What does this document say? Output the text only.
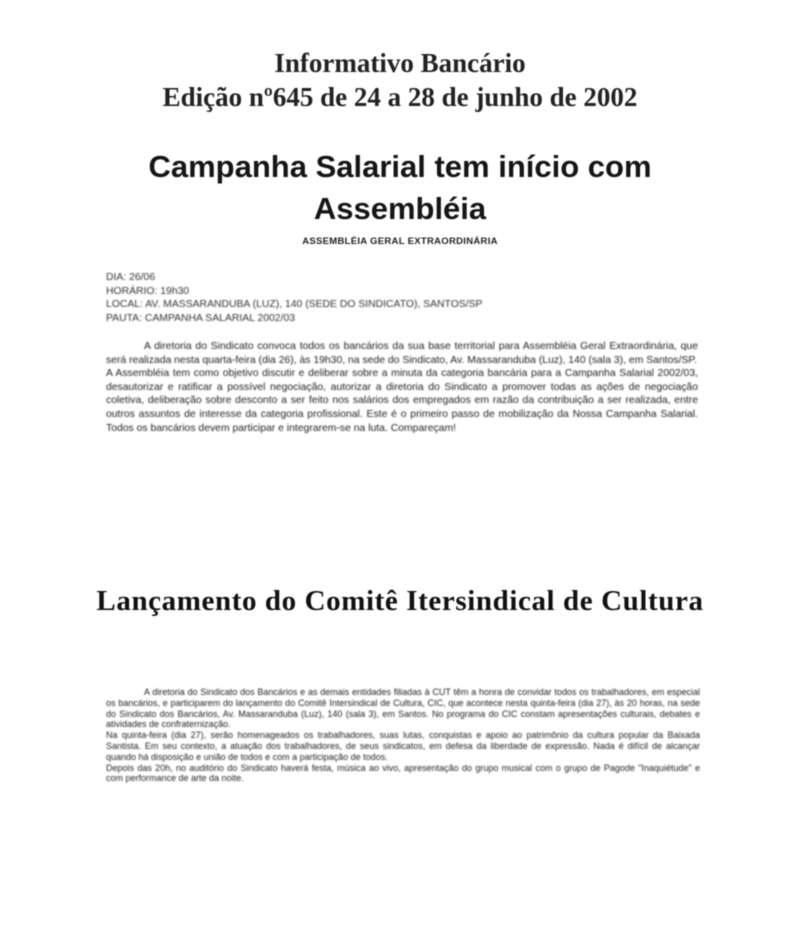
Informativo Bancário
Edição nº645 de 24 a 28 de junho de 2002
Campanha Salarial tem início com Assembléia
ASSEMBLÉIA GERAL EXTRAORDINÁRIA
DIA: 26/06
HORÁRIO: 19h30
LOCAL: AV. MASSARANDUBA (LUZ), 140 (SEDE DO SINDICATO), SANTOS/SP
PAUTA: CAMPANHA SALARIAL 2002/03

A diretoria do Sindicato convoca todos os bancários da sua base territorial para Assembléia Geral Extraordinária, que será realizada nesta quarta-feira (dia 26), às 19h30, na sede do Sindicato, Av. Massaranduba (Luz), 140 (sala 3), em Santos/SP.

A Assembléia tem como objetivo discutir e deliberar sobre a minuta da categoria bancária para a Campanha Salarial 2002/03, desautorizar e ratificar a possível negociação, autorizar a diretoria do Sindicato a promover todas as ações de negociação coletiva, deliberação sobre desconto a ser feito nos salários dos empregados em razão da contribuição a ser realizada, entre outros assuntos de interesse da categoria profissional. Este é o primeiro passo de mobilização da Nossa Campanha Salarial. Todos os bancários devem participar e integrarem-se na luta. Compareçam!

Lançamento do Comitê Itersindical de Cultura

A diretoria do Sindicato dos Bancários e as demais entidades filiadas à CUT têm a honra de convidar todos os trabalhadores, em especial os bancários, e participarem do lançamento do Comitê Intersindical de Cultura, CIC, que acontece nesta quinta-feira (dia 27), às 20 horas, na sede do Sindicato dos Bancários, Av. Massaranduba (Luz), 140 (sala 3), em Santos. No programa do CIC constam apresentações culturais, debates e atividades de confraternização.

Na quinta-feira (dia 27), serão homenageados os trabalhadores, suas lutas, conquistas e apoio ao patrimônio da cultura popular da Baixada Santista. Em seu contexto, a atuação dos trabalhadores, de seus sindicatos, em defesa da liberdade de expressão. Nada é difícil de alcançar quando há disposição e união de todos e com a participação de todos.

Depois das 20h, no auditório do Sindicato haverá festa, música ao vivo, apresentação do grupo musical com o grupo de Pagode "Inaquiétude" e com performance de arte da noite.
